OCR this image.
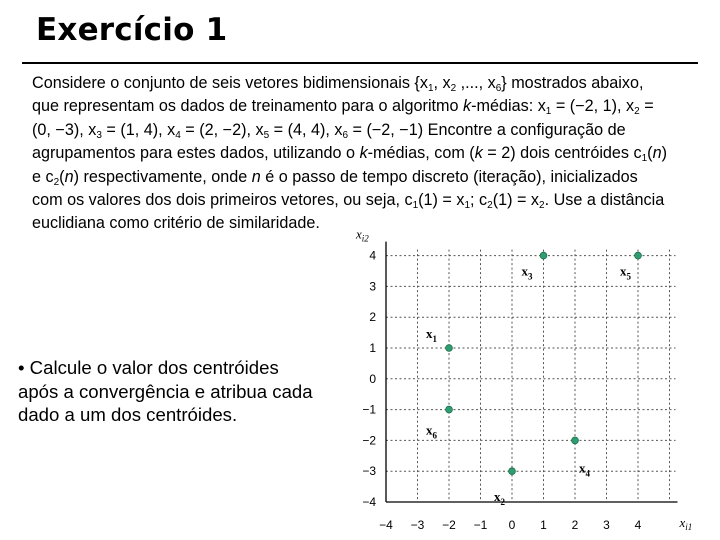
Exercício 1

Considere o conjunto de seis vetores bidimensionais {$x_1$, $x_2$ ,..., $x_6$} mostrados abaixo, que representam os dados de treinamento para o algoritmo k-médias: $x_1 = (-2$, 1), $x_2 = (0$, −3), $x_3 = (1$, 4), $x_4 = (2$, −2), $x_5 = (4$, 4), $x_6 = (-2$, −1) Encontre a configuração de agrupamentos para estes dados, utilizando o k-médias, com (k = 2) dois centróides $c_1(n)$ e $c_2(n)$ respectivamente, onde n é o passo de tempo discreto (iteração), inicializados com os valores dos dois primeiros vetores, ou seja, $c_1(1) = x_1$; $c_2(1) = x_2$. Use a distância euclidiana como critério de similaridade.

• Calcule o valor dos centróides após a convergência e atribua cada dado a um dos centróides.

−4 −3 −2 −1 0 1 2 3 4
4
3
2
1
0
−1
−2
−3
−4
$x_1$
$x_2$
$x_3$
$x_4$
$x_5$
$x_6$
$x_{i1}$
$x_{i2}$
